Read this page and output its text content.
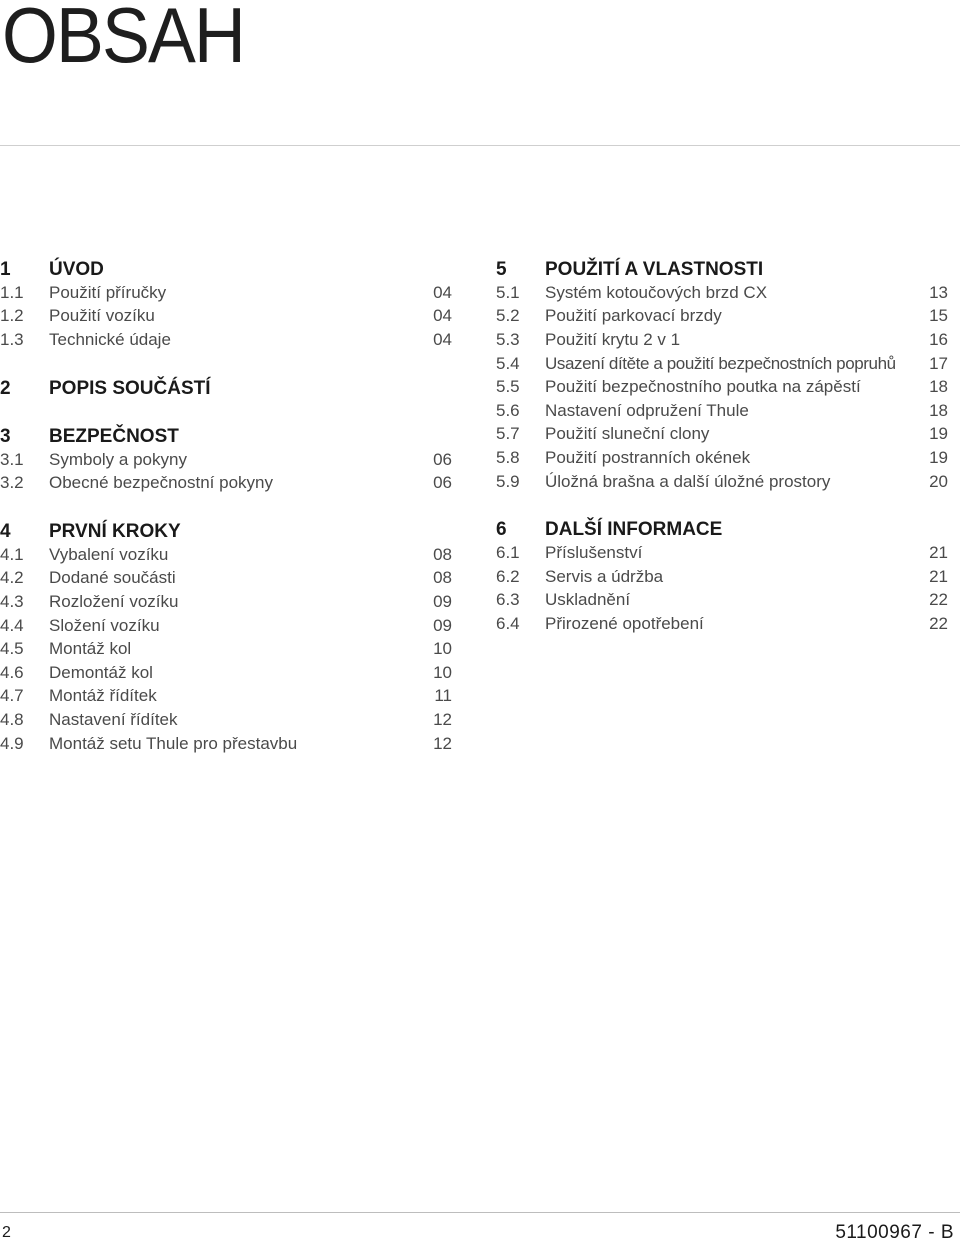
OBSAH
1	ÚVOD
1.1	Použití příručky	04
1.2	Použití vozíku	04
1.3	Technické údaje	04
2	POPIS SOUČÁSTÍ
3	BEZPEČNOST
3.1	Symboly a pokyny	06
3.2	Obecné bezpečnostní pokyny	06
4	PRVNÍ KROKY
4.1	Vybalení vozíku	08
4.2	Dodané součásti	08
4.3	Rozložení vozíku	09
4.4	Složení vozíku	09
4.5	Montáž kol	10
4.6	Demontáž kol	10
4.7	Montáž řídítek	11
4.8	Nastavení řídítek	12
4.9	Montáž setu Thule pro přestavbu	12
5	POUŽITÍ A VLASTNOSTI
5.1	Systém kotoučových brzd CX	13
5.2	Použití parkovací brzdy	15
5.3	Použití krytu 2 v 1	16
5.4	Usazení dítěte a použití bezpečnostních popruhů	17
5.5	Použití bezpečnostního poutka na zápěstí	18
5.6	Nastavení odpružení Thule	18
5.7	Použití sluneční clony	19
5.8	Použití postranních okének	19
5.9	Úložná brašna a další úložné prostory	20
6	DALŠÍ INFORMACE
6.1	Příslušenství	21
6.2	Servis a údržba	21
6.3	Uskladnění	22
6.4	Přirozené opotřebení	22
2	51100967 - B
